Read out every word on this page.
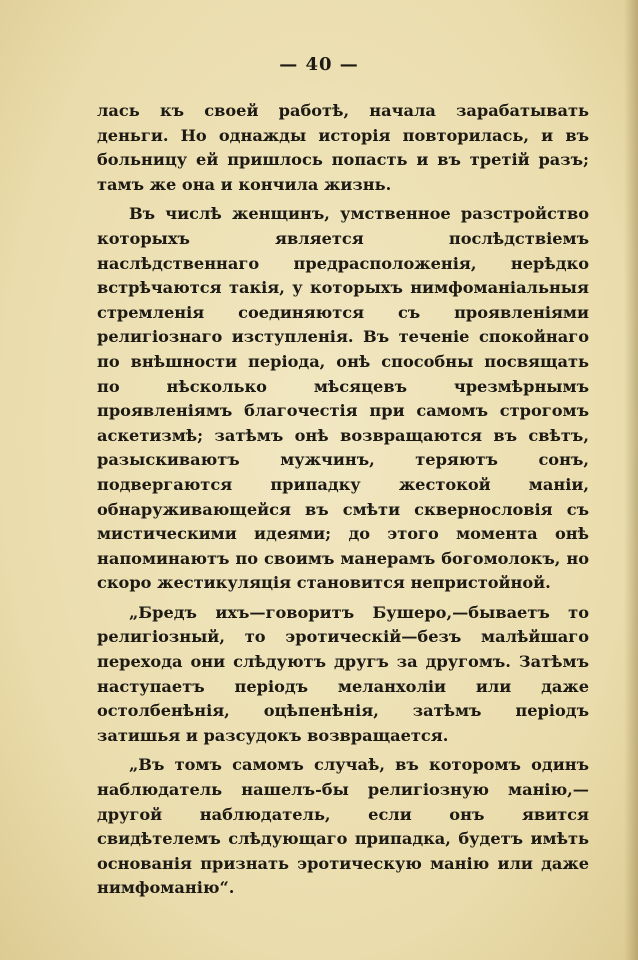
— 40 —

лась къ своей работѣ, начала зарабатывать деньги. Но однажды исторія повторилась, и въ больницу ей пришлось попасть и въ третій разъ; тамъ же она и кончила жизнь.

Въ числѣ женщинъ, умственное разстройство которыхъ является послѣдствіемъ наслѣдственнаго предрасположенія, нерѣдко встрѣчаются такія, у которыхъ нимфоманіальныя стремленія соединяются съ проявленіями религіознаго изступленія. Въ теченіе спокойнаго по внѣшности періода, онѣ способны посвящать по нѣсколько мѣсяцевъ чрезмѣрнымъ проявленіямъ благочестія при самомъ строгомъ аскетизмѣ; затѣмъ онѣ возвращаются въ свѣтъ, разыскиваютъ мужчинъ, теряютъ сонъ, подвергаются припадку жестокой маніи, обнаруживающейся въ смѣти сквернословія съ мистическими идеями; до этого момента онѣ напоминаютъ по своимъ манерамъ богомолокъ, но скоро жестикуляція становится непристойной.

„Бредъ ихъ—говоритъ Бушеро,—бываетъ то религіозный, то эротическій—безъ малѣйшаго перехода они слѣдуютъ другъ за другомъ. Затѣмъ наступаетъ періодъ меланхоліи или даже остолбенѣнія, оцѣпенѣнія, затѣмъ періодъ затишья и разсудокъ возвращается.

„Въ томъ самомъ случаѣ, въ которомъ одинъ наблюдатель нашелъ-бы религіозную манію,—другой наблюдатель, если онъ явится свидѣтелемъ слѣдующаго припадка, будетъ имѣть основанія признать эротическую манію или даже нимфоманію“.
